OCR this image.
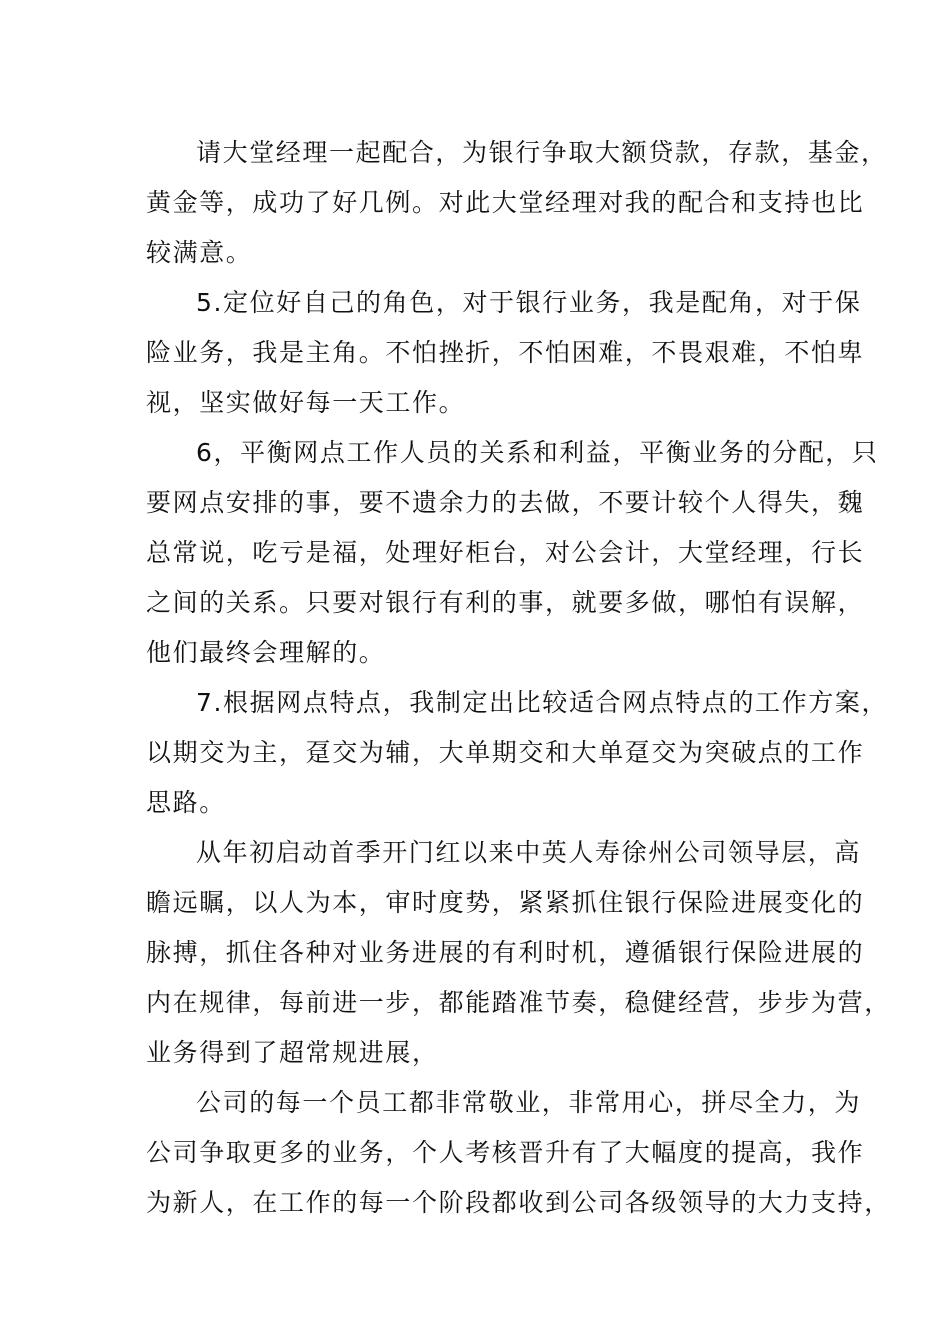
请大堂经理一起配合，为银行争取大额贷款，存款，基金，
黄金等，成功了好几例。对此大堂经理对我的配合和支持也比
较满意。
5.定位好自己的角色，对于银行业务，我是配角，对于保
险业务，我是主角。不怕挫折，不怕困难，不畏艰难，不怕卑
视，坚实做好每一天工作。
6，平衡网点工作人员的关系和利益，平衡业务的分配，只
要网点安排的事，要不遗余力的去做，不要计较个人得失，魏
总常说，吃亏是福，处理好柜台，对公会计，大堂经理，行长
之间的关系。只要对银行有利的事，就要多做，哪怕有误解，
他们最终会理解的。
7.根据网点特点，我制定出比较适合网点特点的工作方案，
以期交为主，趸交为辅，大单期交和大单趸交为突破点的工作
思路。
从年初启动首季开门红以来中英人寿徐州公司领导层，高
瞻远瞩，以人为本，审时度势，紧紧抓住银行保险进展变化的
脉搏，抓住各种对业务进展的有利时机，遵循银行保险进展的
内在规律，每前进一步，都能踏准节奏，稳健经营，步步为营，
业务得到了超常规进展，
公司的每一个员工都非常敬业，非常用心，拼尽全力，为
公司争取更多的业务，个人考核晋升有了大幅度的提高，我作
为新人，在工作的每一个阶段都收到公司各级领导的大力支持，
